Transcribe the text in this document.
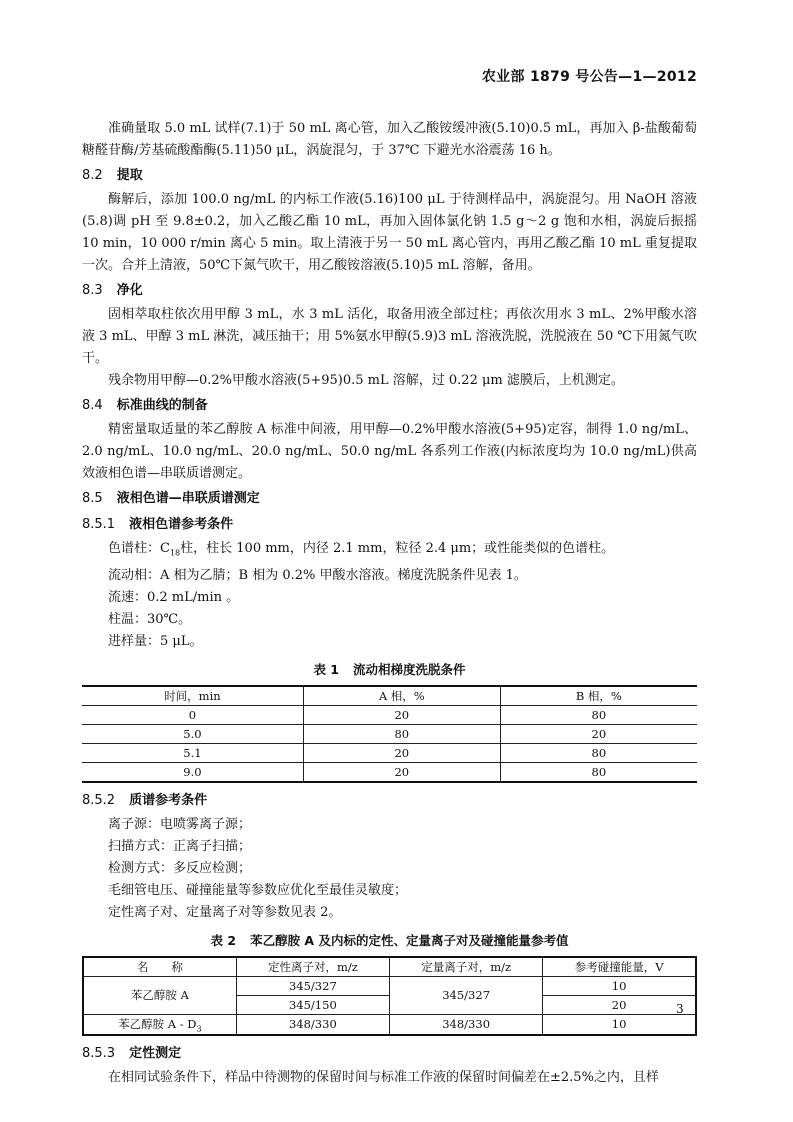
农业部 1879 号公告—1—2012

准确量取 5.0 mL 试样(7.1)于 50 mL 离心管，加入乙酸铵缓冲液(5.10)0.5 mL，再加入 β-盐酸葡萄糖醛苷酶/芳基硫酸酯酶(5.11)50 μL，涡旋混匀，于 37℃ 下避光水浴震荡 16 h。

8.2 提取

酶解后，添加 100.0 ng/mL 的内标工作液(5.16)100 μL 于待测样品中，涡旋混匀。用 NaOH 溶液(5.8)调 pH 至 9.8±0.2，加入乙酸乙酯 10 mL，再加入固体氯化钠 1.5 g～2 g 饱和水相，涡旋后振摇 10 min，10 000 r/min 离心 5 min。取上清液于另一 50 mL 离心管内，再用乙酸乙酯 10 mL 重复提取一次。合并上清液，50℃下氮气吹干，用乙酸铵溶液(5.10)5 mL 溶解，备用。

8.3 净化

固相萃取柱依次用甲醇 3 mL，水 3 mL 活化，取备用液全部过柱；再依次用水 3 mL、2%甲酸水溶液 3 mL、甲醇 3 mL 淋洗，减压抽干；用 5%氨水甲醇(5.9)3 mL 溶液洗脱，洗脱液在 50 ℃下用氮气吹干。

残余物用甲醇—0.2%甲酸水溶液(5+95)0.5 mL 溶解，过 0.22 μm 滤膜后，上机测定。

8.4 标准曲线的制备

精密量取适量的苯乙醇胺 A 标准中间液，用甲醇—0.2%甲酸水溶液(5+95)定容，制得 1.0 ng/mL、2.0 ng/mL、10.0 ng/mL、20.0 ng/mL、50.0 ng/mL 各系列工作液(内标浓度均为 10.0 ng/mL)供高效液相色谱—串联质谱测定。

8.5 液相色谱—串联质谱测定
8.5.1 液相色谱参考条件

色谱柱：$C_{18}$柱，柱长 100 mm，内径 2.1 mm，粒径 2.4 μm；或性能类似的色谱柱。

流动相：A 相为乙腈；B 相为 0.2% 甲酸水溶液。梯度洗脱条件见表 1。

流速：0.2 mL/min 。

柱温：30℃。

进样量：5 μL。

表 1 流动相梯度洗脱条件
时间，min	A 相，%	B 相，%
0	20	80
5.0	80	20
5.1	20	80
9.0	20	80
8.5.2 质谱参考条件

离子源：电喷雾离子源；

扫描方式：正离子扫描；

检测方式：多反应检测；

毛细管电压、碰撞能量等参数应优化至最佳灵敏度；

定性离子对、定量离子对等参数见表 2。

表 2 苯乙醇胺 A 及内标的定性、定量离子对及碰撞能量参考值
名　　称	定性离子对，m/z	定量离子对，m/z	参考碰撞能量，V
苯乙醇胺 A	345/327	345/327	10
	345/150		20
苯乙醇胺 A - $D_3$	348/330	348/330	10
8.5.3 定性测定

在相同试验条件下，样品中待测物的保留时间与标准工作液的保留时间偏差在±2.5%之内，且样

3
